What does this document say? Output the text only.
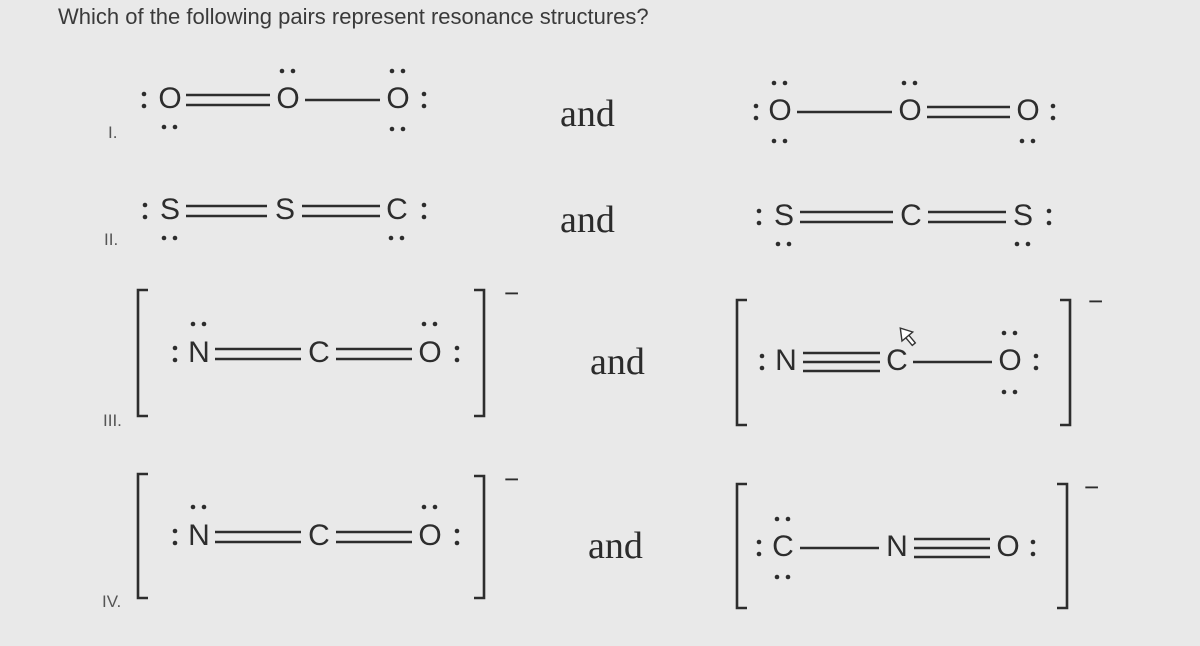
Which of the following pairs represent resonance structures?
I.
II.
III.
IV.
and
and
and
and
O	O	O	O	O	O
S	S	C	S	C	S
−
N	C	O
−
N	C	O
−
N	C	O
−
C	N	O
